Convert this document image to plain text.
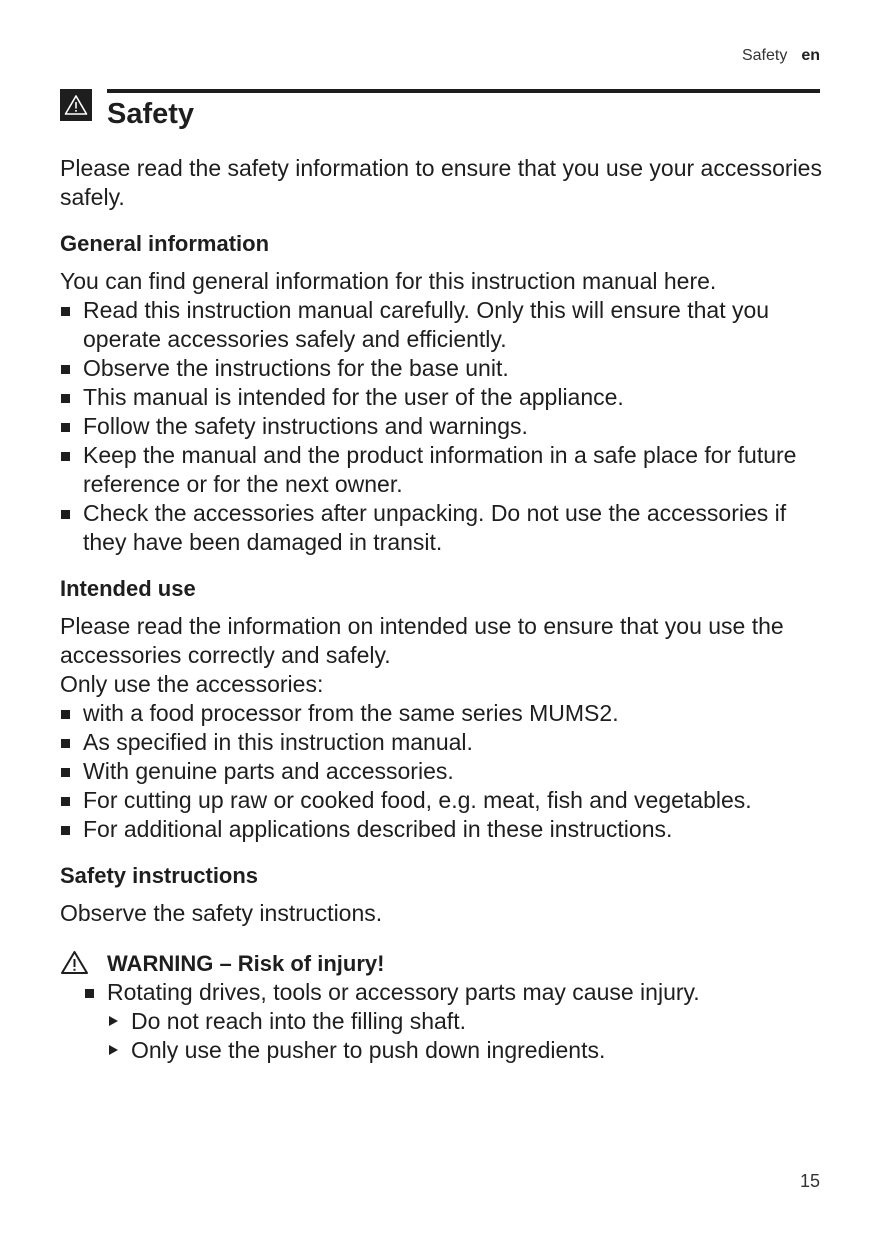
Safety en
Safety

Please read the safety information to ensure that you use your accessories safely.

General information

You can find general information for this instruction manual here.

Read this instruction manual carefully. Only this will ensure that you operate accessories safely and efficiently.
Observe the instructions for the base unit.
This manual is intended for the user of the appliance.
Follow the safety instructions and warnings.
Keep the manual and the product information in a safe place for future reference or for the next owner.
Check the accessories after unpacking. Do not use the accessories if they have been damaged in transit.
Intended use

Please read the information on intended use to ensure that you use the accessories correctly and safely.

Only use the accessories:

with a food processor from the same series MUMS2.
As specified in this instruction manual.
With genuine parts and accessories.
For cutting up raw or cooked food, e.g. meat, fish and vegetables.
For additional applications described in these instructions.
Safety instructions

Observe the safety instructions.

WARNING – Risk of injury!
Rotating drives, tools or accessory parts may cause injury.
Do not reach into the filling shaft.
Only use the pusher to push down ingredients.
15
